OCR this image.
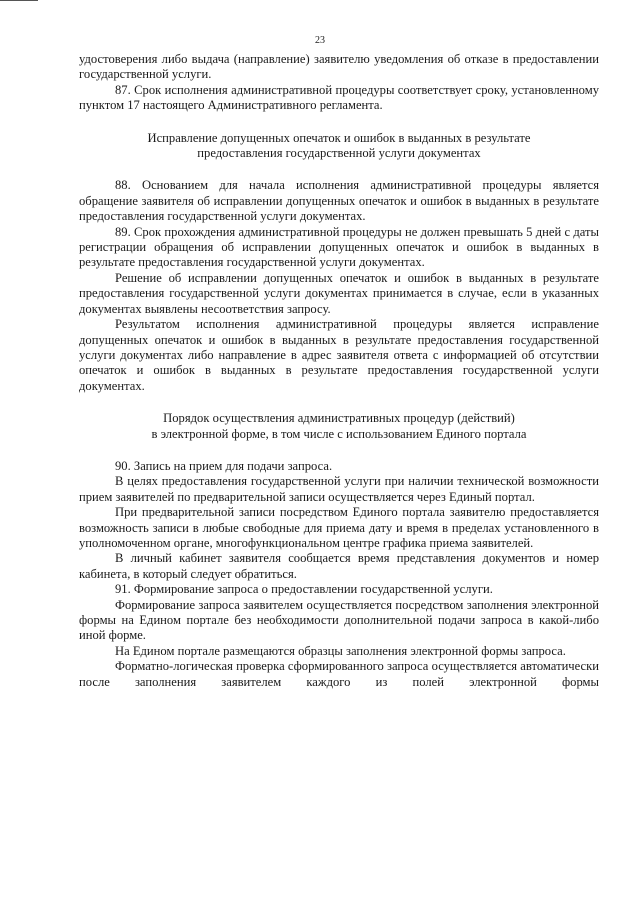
23

удостоверения либо выдача (направление) заявителю уведомления об отказе в предоставлении государственной услуги.

87. Срок исполнения административной процедуры соответствует сроку, установленному пунктом 17 настоящего Административного регламента.

Исправление допущенных опечаток и ошибок в выданных в результате
предоставления государственной услуги документах

88. Основанием для начала исполнения административной процедуры является обращение заявителя об исправлении допущенных опечаток и ошибок в выданных в результате предоставления государственной услуги документах.

89. Срок прохождения административной процедуры не должен превышать 5 дней с даты регистрации обращения об исправлении допущенных опечаток и ошибок в выданных в результате предоставления государственной услуги документах.

Решение об исправлении допущенных опечаток и ошибок в выданных в результате предоставления государственной услуги документах принимается в случае, если в указанных документах выявлены несоответствия запросу.

Результатом исполнения административной процедуры является исправление допущенных опечаток и ошибок в выданных в результате предоставления государственной услуги документах либо направление в адрес заявителя ответа с информацией об отсутствии опечаток и ошибок в выданных в результате предоставления государственной услуги документах.

Порядок осуществления административных процедур (действий)
в электронной форме, в том числе с использованием Единого портала

90. Запись на прием для подачи запроса.

В целях предоставления государственной услуги при наличии технической возможности прием заявителей по предварительной записи осуществляется через Единый портал.

При предварительной записи посредством Единого портала заявителю предоставляется возможность записи в любые свободные для приема дату и время в пределах установленного в уполномоченном органе, многофункциональном центре графика приема заявителей.

В личный кабинет заявителя сообщается время представления документов и номер кабинета, в который следует обратиться.

91. Формирование запроса о предоставлении государственной услуги.

Формирование запроса заявителем осуществляется посредством заполнения электронной формы на Едином портале без необходимости дополнительной подачи запроса в какой-либо иной форме.

На Едином портале размещаются образцы заполнения электронной формы запроса.

Форматно-логическая проверка сформированного запроса осуществляется автоматически после заполнения заявителем каждого из полей электронной формы
